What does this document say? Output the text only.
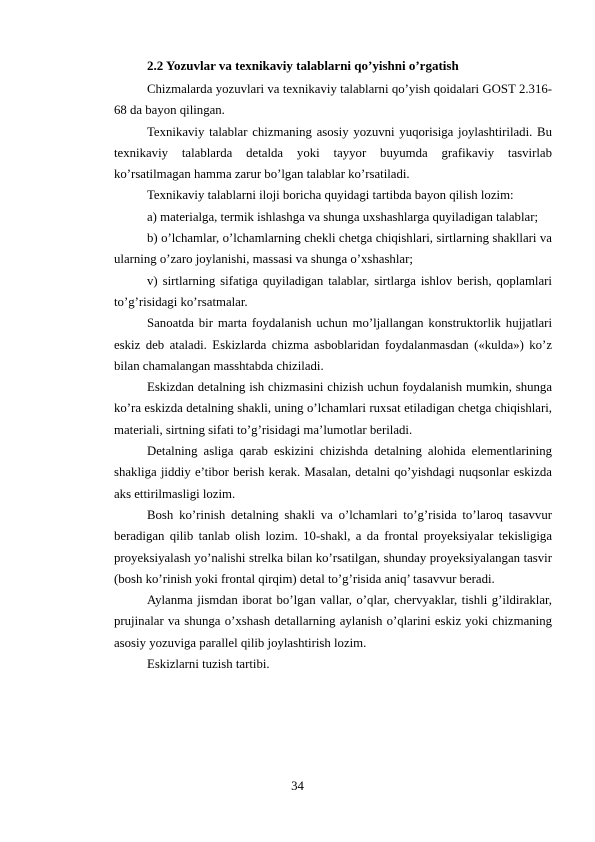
2.2 Yozuvlar va texnikaviy talablarni qo’yishni o’rgatish

Chizmalarda yozuvlari va texnikaviy talablarni qo’yish qoidalari GOST 2.316-68 da bayon qilingan.

Texnikaviy talablar chizmaning asosiy yozuvni yuqorisiga joylashtiriladi. Bu texnikaviy talablarda detalda yoki tayyor buyumda grafikaviy tasvirlab ko’rsatilmagan hamma zarur bo’lgan talablar ko’rsatiladi.

Texnikaviy talablarni iloji boricha quyidagi tartibda bayon qilish lozim:

a) materialga, termik ishlashga va shunga uxshashlarga quyiladigan talablar;

b) o’lchamlar, o’lchamlarning chekli chetga chiqishlari, sirtlarning shakllari va ularning o’zaro joylanishi, massasi va shunga o’xshashlar;

v) sirtlarning sifatiga quyiladigan talablar, sirtlarga ishlov berish, qoplamlari to’g’risidagi ko’rsatmalar.

Sanoatda bir marta foydalanish uchun mo’ljallangan konstruktorlik hujjatlari eskiz deb ataladi. Eskizlarda chizma asboblaridan foydalanmasdan («kulda») ko’z bilan chamalangan masshtabda chiziladi.

Eskizdan detalning ish chizmasini chizish uchun foydalanish mumkin, shunga ko’ra eskizda detalning shakli, uning o’lchamlari ruxsat etiladigan chetga chiqishlari, materiali, sirtning sifati to’g’risidagi ma’lumotlar beriladi.

Detalning asliga qarab eskizini chizishda detalning alohida elementlarining shakliga jiddiy e’tibor berish kerak. Masalan, detalni qo’yishdagi nuqsonlar eskizda aks ettirilmasligi lozim.

Bosh ko’rinish detalning shakli va o’lchamlari to’g’risida to’laroq tasavvur beradigan qilib tanlab olish lozim. 10-shakl, a da frontal proyeksiyalar tekisligiga proyeksiyalash yo’nalishi strelka bilan ko’rsatilgan, shunday proyeksiyalangan tasvir (bosh ko’rinish yoki frontal qirqim) detal to’g’risida aniq’ tasavvur beradi.

Aylanma jismdan iborat bo’lgan vallar, o’qlar, chervyaklar, tishli g’ildiraklar, prujinalar va shunga o’xshash detallarning aylanish o’qlarini eskiz yoki chizmaning asosiy yozuviga parallel qilib joylashtirish lozim.

Eskizlarni tuzish tartibi.

34
